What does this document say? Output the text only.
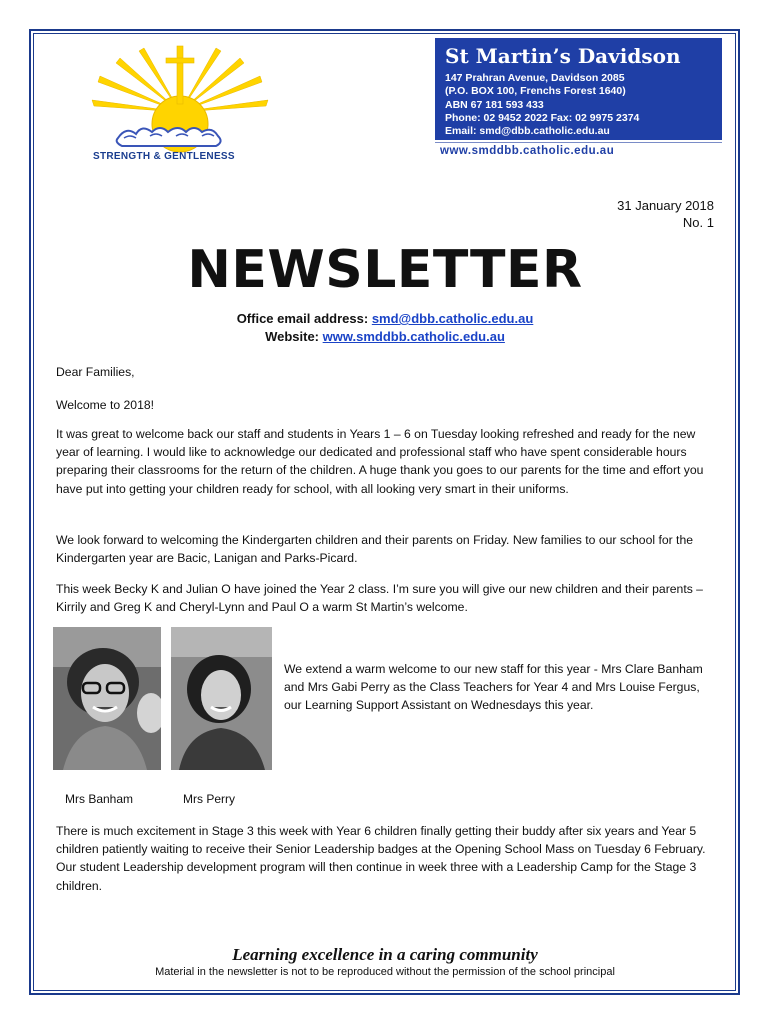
STRENGTH & GENTLENESS
St Martin’s Davidson
147 Prahran Avenue, Davidson 2085
(P.O. BOX 100, Frenchs Forest 1640)
ABN 67 181 593 433
Phone: 02 9452 2022 Fax: 02 9975 2374
Email: smd@dbb.catholic.edu.au
www.smddbb.catholic.edu.au
31 January 2018
No. 1
NEWSLETTER
Office email address: smd@dbb.catholic.edu.au
Website: www.smddbb.catholic.edu.au
Dear Families,
Welcome to 2018!
It was great to welcome back our staff and students in Years 1 – 6 on Tuesday looking refreshed and ready for the new year of learning. I would like to acknowledge our dedicated and professional staff who have spent considerable hours preparing their classrooms for the return of the children. A huge thank you goes to our parents for the time and effort you have put into getting your children ready for school, with all looking very smart in their uniforms.
We look forward to welcoming the Kindergarten children and their parents on Friday. New families to our school for the Kindergarten year are Bacic, Lanigan and Parks-Picard.
This week Becky K and Julian O have joined the Year 2 class. I’m sure you will give our new children and their parents – Kirrily and Greg K and Cheryl-Lynn and Paul O a warm St Martin’s welcome.
We extend a warm welcome to our new staff for this year - Mrs Clare Banham and Mrs Gabi Perry as the Class Teachers for Year 4 and Mrs Louise Fergus, our Learning Support Assistant on Wednesdays this year.
Mrs Banham	Mrs Perry
There is much excitement in Stage 3 this week with Year 6 children finally getting their buddy after six years and Year 5 children patiently waiting to receive their Senior Leadership badges at the Opening School Mass on Tuesday 6 February. Our student Leadership development program will then continue in week three with a Leadership Camp for the Stage 3 children.
Learning excellence in a caring community
Material in the newsletter is not to be reproduced without the permission of the school principal
